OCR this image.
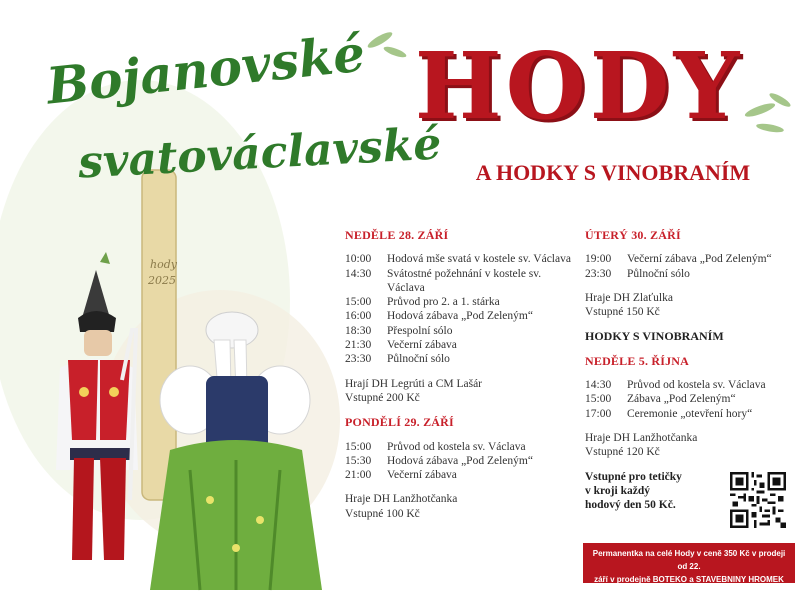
hody
2025
Bojanovské
svatováclavské
HODY
A HODKY S VINOBRANÍM
NEDĚLE 28. ZÁŘÍ
10:00	Hodová mše svatá v kostele sv. Václava
14:30	Svátostné požehnání v kostele sv. Václava
15:00	Průvod pro 2. a 1. stárka
16:00	Hodová zábava „Pod Zeleným“
18:30	Přespolní sólo
21:30	Večerní zábava
23:30	Půlnoční sólo
Hrají DH Legrúti a CM Lašár
Vstupné 200 Kč
PONDĚLÍ 29. ZÁŘÍ
15:00	Průvod od kostela sv. Václava
15:30	Hodová zábava „Pod Zeleným“
21:00	Večerní zábava
Hraje DH Lanžhotčanka
Vstupné 100 Kč
ÚTERÝ 30. ZÁŘÍ
19:00	Večerní zábava „Pod Zeleným“
23:30	Půlnoční sólo
Hraje DH Zlaťulka
Vstupné 150 Kč
HODKY S VINOBRANÍM
NEDĚLE 5. ŘÍJNA
14:30	Průvod od kostela sv. Václava
15:00	Zábava „Pod Zeleným“
17:00	Ceremonie „otevření hory“
Hraje DH Lanžhotčanka
Vstupné 120 Kč
Vstupné pro tetičky
v kroji každý
hodový den 50 Kč.
Permanentka na celé Hody v ceně 350 Kč v prodeji od 22.
září v prodejně BOTEKO a STAVEBNINY HROMEK
